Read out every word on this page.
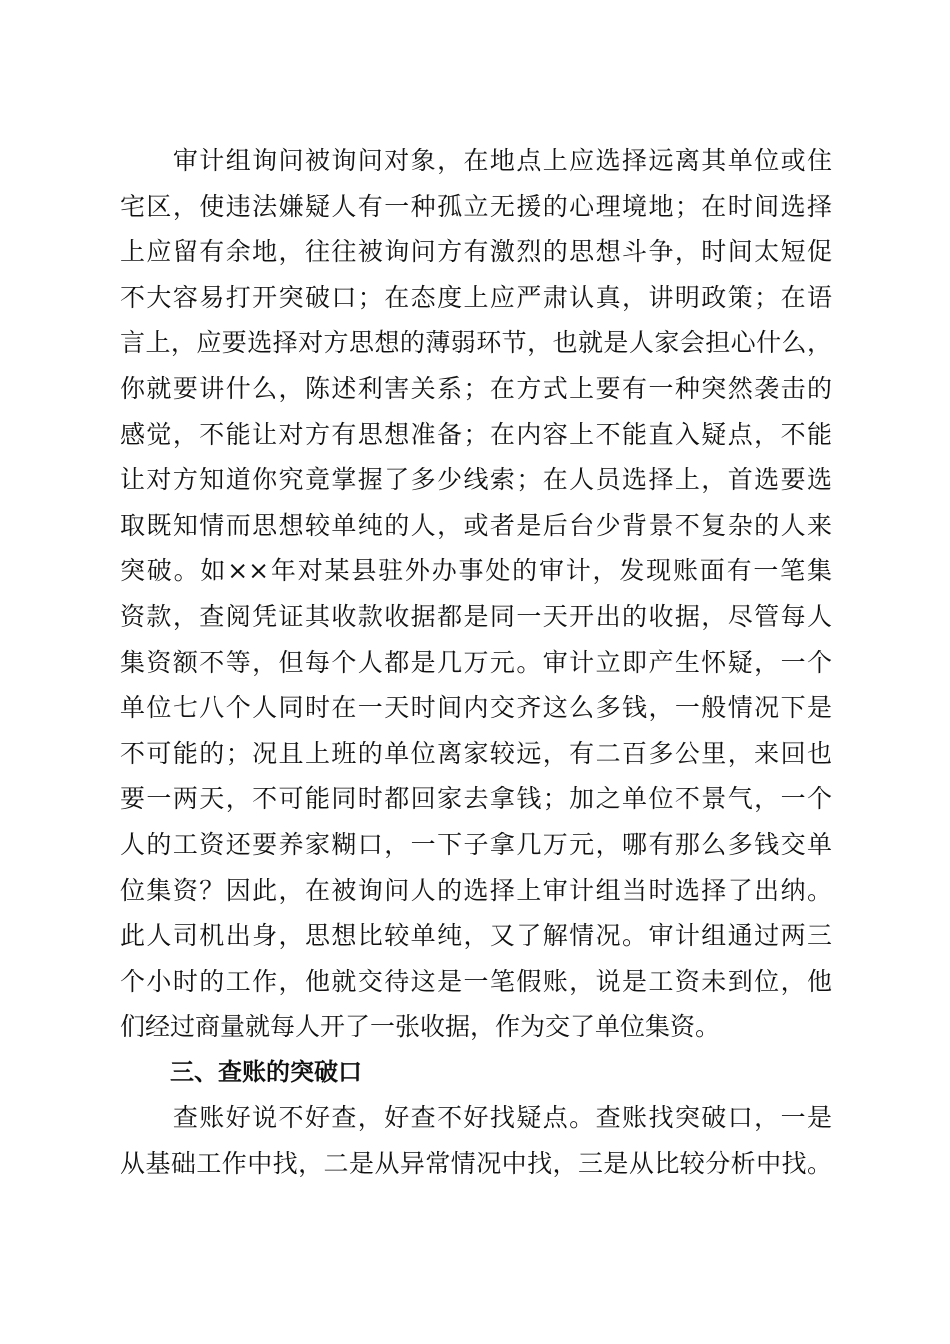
　　审计组询问被询问对象，在地点上应选择远离其单位或住
宅区，使违法嫌疑人有一种孤立无援的心理境地；在时间选择
上应留有余地，往往被询问方有激烈的思想斗争，时间太短促
不大容易打开突破口；在态度上应严肃认真，讲明政策；在语
言上，应要选择对方思想的薄弱环节，也就是人家会担心什么，
你就要讲什么，陈述利害关系；在方式上要有一种突然袭击的
感觉，不能让对方有思想准备；在内容上不能直入疑点，不能
让对方知道你究竟掌握了多少线索；在人员选择上，首选要选
取既知情而思想较单纯的人，或者是后台少背景不复杂的人来
突破。如××年对某县驻外办事处的审计，发现账面有一笔集
资款，查阅凭证其收款收据都是同一天开出的收据，尽管每人
集资额不等，但每个人都是几万元。审计立即产生怀疑，一个
单位七八个人同时在一天时间内交齐这么多钱，一般情况下是
不可能的；况且上班的单位离家较远，有二百多公里，来回也
要一两天，不可能同时都回家去拿钱；加之单位不景气，一个
人的工资还要养家糊口，一下子拿几万元，哪有那么多钱交单
位集资？因此，在被询问人的选择上审计组当时选择了出纳。
此人司机出身，思想比较单纯，又了解情况。审计组通过两三
个小时的工作，他就交待这是一笔假账，说是工资未到位，他
们经过商量就每人开了一张收据，作为交了单位集资。
三、查账的突破口
　　查账好说不好查，好查不好找疑点。查账找突破口，一是
从基础工作中找，二是从异常情况中找，三是从比较分析中找。
